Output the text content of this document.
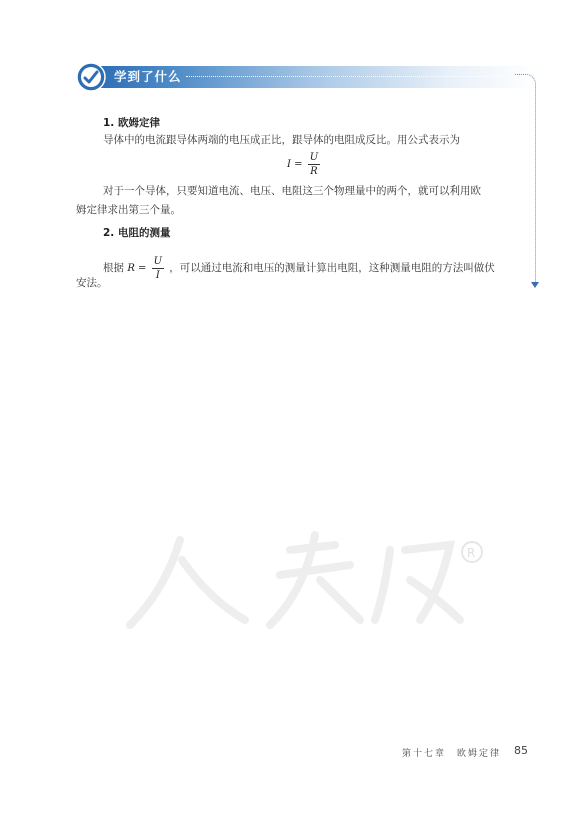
学到了什么
1. 欧姆定律
导体中的电流跟导体两端的电压成正比，跟导体的电阻成反比。用公式表示为
$I = \frac{U}{R}$
对于一个导体，只要知道电流、电压、电阻这三个物理量中的两个，就可以利用欧
姆定律求出第三个量。
2. 电阻的测量
根据 $R = \frac{U}{I}$ ，可以通过电流和电压的测量计算出电阻，这种测量电阻的方法叫做伏
安法。
R
人教版
第十七章　欧姆定律 85
